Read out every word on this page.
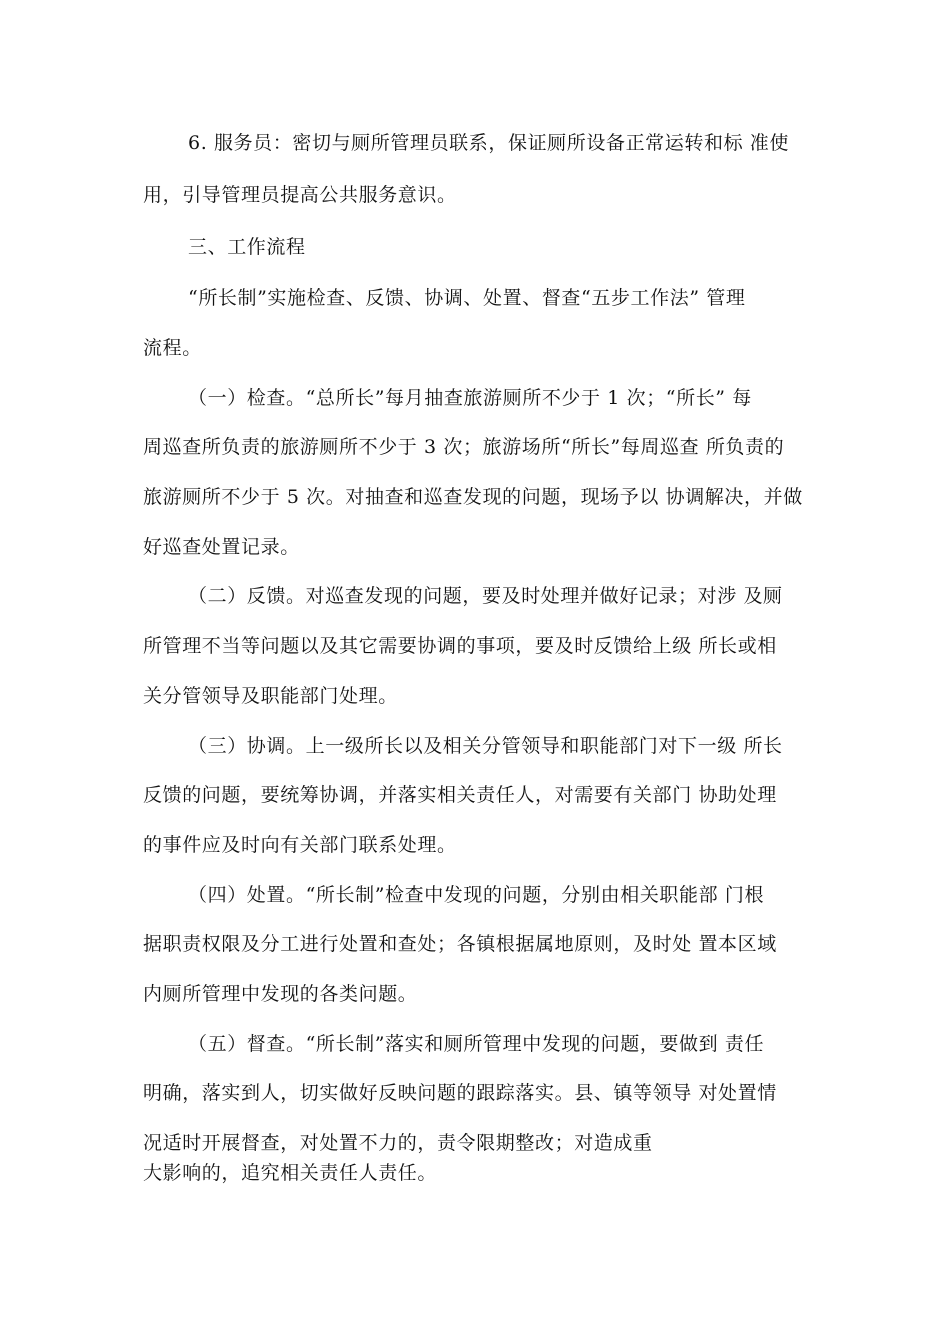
6. 服务员：密切与厕所管理员联系，保证厕所设备正常运转和标 准使
用，引导管理员提高公共服务意识。
三、工作流程
“所长制”实施检查、反馈、协调、处置、督查“五步工作法” 管理
流程。
（一）检查。“总所长”每月抽查旅游厕所不少于 1 次；“所长” 每
周巡查所负责的旅游厕所不少于 3 次；旅游场所“所长”每周巡查 所负责的
旅游厕所不少于 5 次。对抽查和巡查发现的问题，现场予以 协调解决，并做
好巡查处置记录。
（二）反馈。对巡查发现的问题，要及时处理并做好记录；对涉 及厕
所管理不当等问题以及其它需要协调的事项，要及时反馈给上级 所长或相
关分管领导及职能部门处理。
（三）协调。上一级所长以及相关分管领导和职能部门对下一级 所长
反馈的问题，要统筹协调，并落实相关责任人，对需要有关部门 协助处理
的事件应及时向有关部门联系处理。
（四）处置。“所长制”检查中发现的问题，分别由相关职能部 门根
据职责权限及分工进行处置和查处；各镇根据属地原则，及时处 置本区域
内厕所管理中发现的各类问题。
（五）督查。“所长制”落实和厕所管理中发现的问题，要做到 责任
明确，落实到人，切实做好反映问题的跟踪落实。县、镇等领导 对处置情
况适时开展督查，对处置不力的，责令限期整改；对造成重
大影响的，追究相关责任人责任。
